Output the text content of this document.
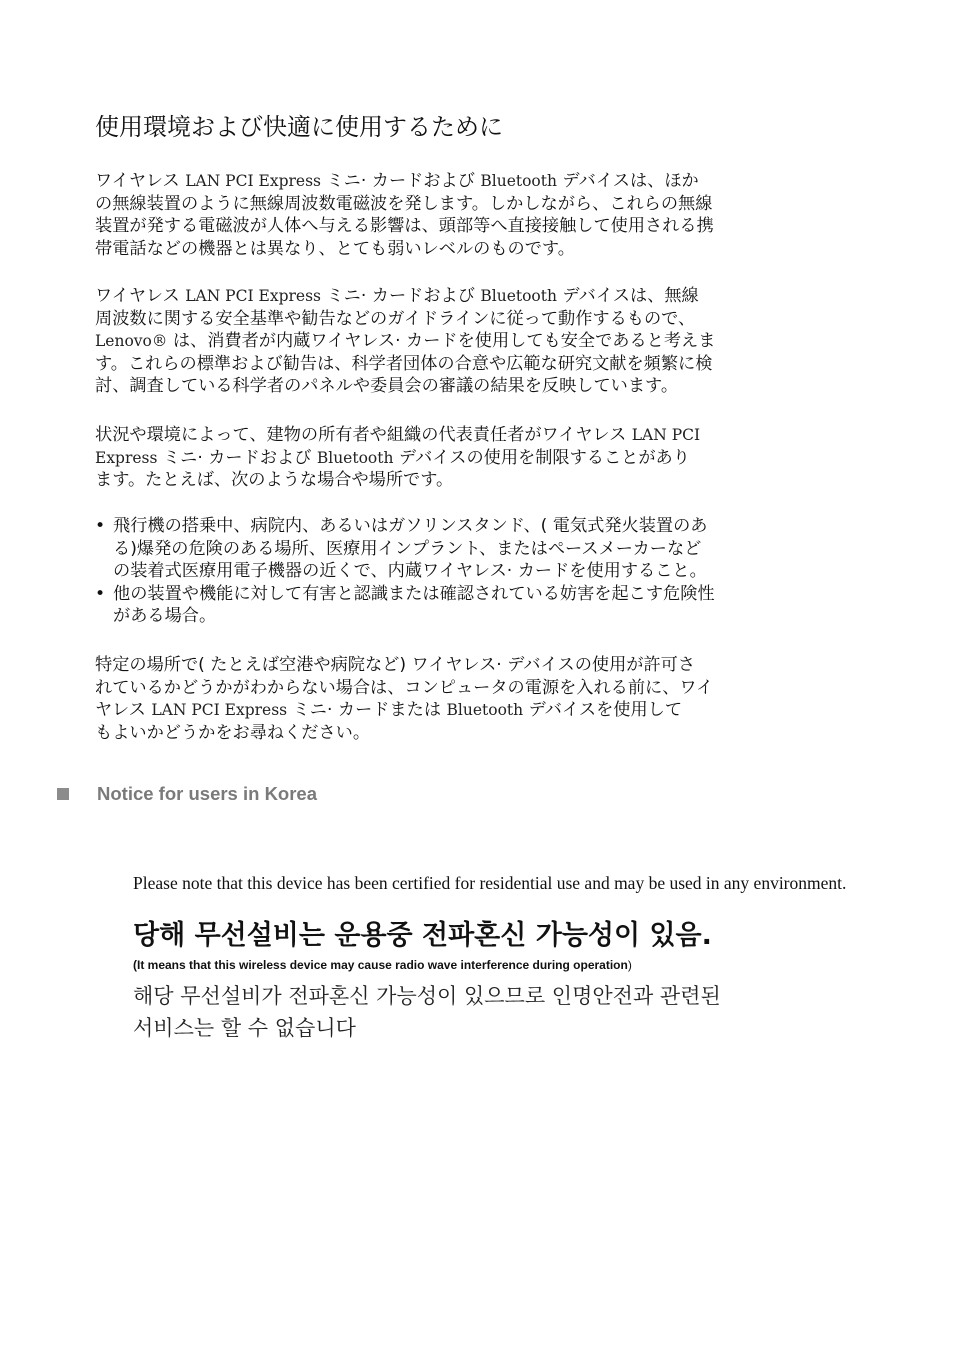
使用環境および快適に使用するために
ワイヤレス LAN PCI Express ミニ· カードおよび Bluetooth デバイスは、ほか
の無線装置のように無線周波数電磁波を発します。しかしながら、これらの無線
装置が発する電磁波が人体へ与える影響は、頭部等へ直接接触して使用される携
帯電話などの機器とは異なり、とても弱いレベルのものです。
ワイヤレス LAN PCI Express ミニ· カードおよび Bluetooth デバイスは、無線
周波数に関する安全基準や勧告などのガイドラインに従って動作するもので、
Lenovo® は、消費者が内蔵ワイヤレス· カードを使用しても安全であると考えま
す。これらの標準および勧告は、科学者団体の合意や広範な研究文献を頻繁に検
討、調査している科学者のパネルや委員会の審議の結果を反映しています。
状況や環境によって、建物の所有者や組織の代表責任者がワイヤレス LAN PCI
Express ミニ· カードおよび Bluetooth デバイスの使用を制限することがあり
ます。たとえば、次のような場合や場所です。
• 飛行機の搭乗中、病院内、あるいはガソリンスタンド、( 電気式発火装置のあ
る)爆発の危険のある場所、医療用インプラント、またはペースメーカーなど
の装着式医療用電子機器の近くで、内蔵ワイヤレス· カードを使用すること。
• 他の装置や機能に対して有害と認識または確認されている妨害を起こす危険性
がある場合。
特定の場所で( たとえば空港や病院など) ワイヤレス· デバイスの使用が許可さ
れているかどうかがわからない場合は、コンピュータの電源を入れる前に、ワイ
ヤレス LAN PCI Express ミニ· カードまたは Bluetooth デバイスを使用して
もよいかどうかをお尋ねください。
Notice for users in Korea

Please note that this device has been certified for residential use and may be used in any environment.

당해 무선설비는 운용중 전파혼신 가능성이 있음.

(It means that this wireless device may cause radio wave interference during operation)

해당 무선설비가 전파혼신 가능성이 있으므로 인명안전과 관련된
서비스는 할 수 없습니다
